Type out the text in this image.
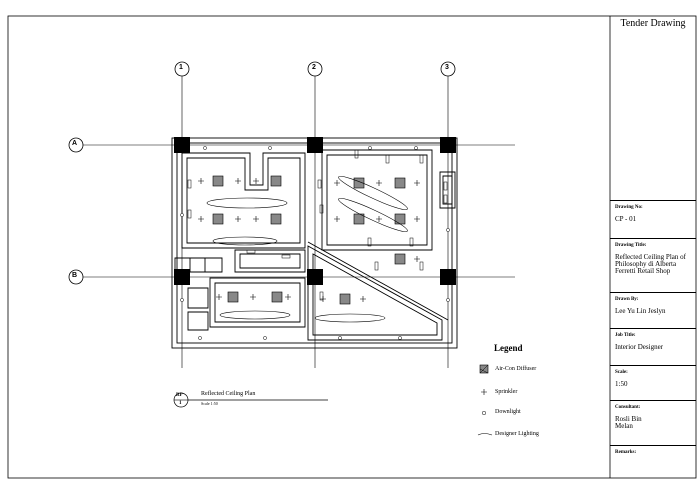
1	2	3
A
B
RP
1
Reflected Ceiling Plan
Scale 1:50
Legend
Air-Con Diffuser
Sprinkler
Downlight
Designer Lighting
Tender Drawing
Drawing No:
CP - 01
Drawing Title:
Reflected Ceiling Plan of Philosophy di Alberta Ferretti Retail Shop
Drawn By:
Lee Yu Lin Jeslyn
Job Title:
Interior Designer
Scale:
1:50
Consultant:
Rosli Bin Melan
Remarks:
